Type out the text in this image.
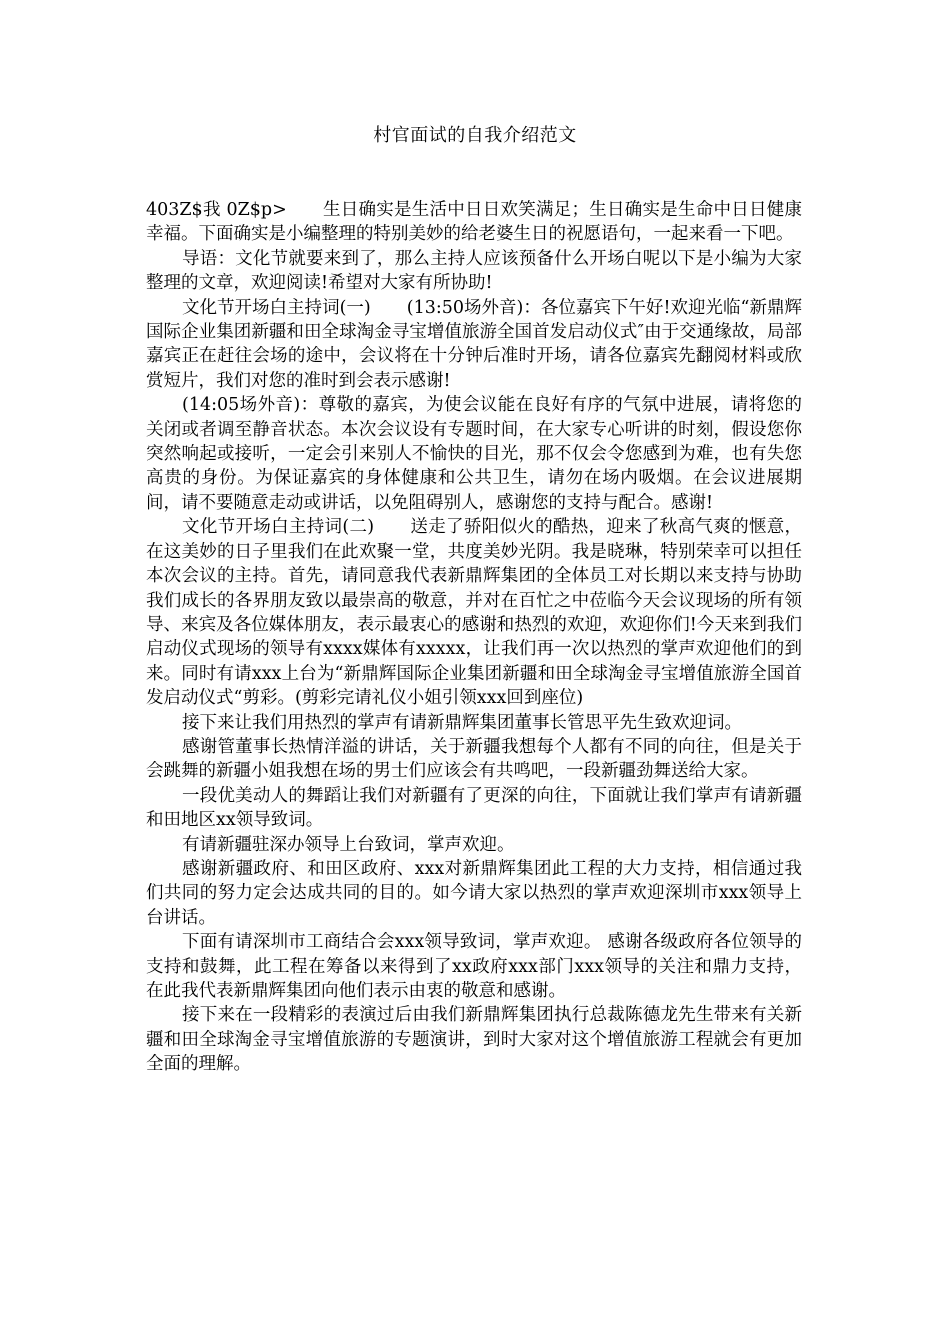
村官面试的自我介绍范文

403Z$我 0Z$p> 生日确实是生活中日日欢笑满足；生日确实是生命中日日健康幸福。下面确实是小编整理的特别美妙的给老婆生日的祝愿语句，一起来看一下吧。

导语：文化节就要来到了，那么主持人应该预备什么开场白呢以下是小编为大家整理的文章，欢迎阅读!希望对大家有所协助!

文化节开场白主持词(一) (13:50场外音)：各位嘉宾下午好!欢迎光临“新鼎辉国际企业集团新疆和田全球淘金寻宝增值旅游全国首发启动仪式″由于交通缘故，局部嘉宾正在赶往会场的途中，会议将在十分钟后准时开场，请各位嘉宾先翻阅材料或欣赏短片，我们对您的准时到会表示感谢!

(14:05场外音)：尊敬的嘉宾，为使会议能在良好有序的气氛中进展，请将您的关闭或者调至静音状态。本次会议设有专题时间，在大家专心听讲的时刻，假设您你突然响起或接听，一定会引来别人不愉快的目光，那不仅会令您感到为难，也有失您高贵的身份。为保证嘉宾的身体健康和公共卫生，请勿在场内吸烟。在会议进展期间，请不要随意走动或讲话，以免阻碍别人，感谢您的支持与配合。感谢!

文化节开场白主持词(二) 送走了骄阳似火的酷热，迎来了秋高气爽的惬意，在这美妙的日子里我们在此欢聚一堂，共度美妙光阴。我是晓琳，特别荣幸可以担任本次会议的主持。首先，请同意我代表新鼎辉集团的全体员工对长期以来支持与协助我们成长的各界朋友致以最崇高的敬意，并对在百忙之中莅临今天会议现场的所有领导、来宾及各位媒体朋友，表示最衷心的感谢和热烈的欢迎，欢迎你们!今天来到我们启动仪式现场的领导有xxxx媒体有xxxxx，让我们再一次以热烈的掌声欢迎他们的到来。同时有请xxx上台为“新鼎辉国际企业集团新疆和田全球淘金寻宝增值旅游全国首发启动仪式“剪彩。(剪彩完请礼仪小姐引领xxx回到座位)

接下来让我们用热烈的掌声有请新鼎辉集团董事长管思平先生致欢迎词。

感谢管董事长热情洋溢的讲话，关于新疆我想每个人都有不同的向往，但是关于会跳舞的新疆小姐我想在场的男士们应该会有共鸣吧，一段新疆劲舞送给大家。

一段优美动人的舞蹈让我们对新疆有了更深的向往，下面就让我们掌声有请新疆和田地区xx领导致词。

有请新疆驻深办领导上台致词，掌声欢迎。

感谢新疆政府、和田区政府、xxx对新鼎辉集团此工程的大力支持，相信通过我们共同的努力定会达成共同的目的。如今请大家以热烈的掌声欢迎深圳市xxx领导上台讲话。

下面有请深圳市工商结合会xxx领导致词，掌声欢迎。 感谢各级政府各位领导的支持和鼓舞，此工程在筹备以来得到了xx政府xxx部门xxx领导的关注和鼎力支持，在此我代表新鼎辉集团向他们表示由衷的敬意和感谢。

接下来在一段精彩的表演过后由我们新鼎辉集团执行总裁陈德龙先生带来有关新疆和田全球淘金寻宝增值旅游的专题演讲，到时大家对这个增值旅游工程就会有更加全面的理解。
